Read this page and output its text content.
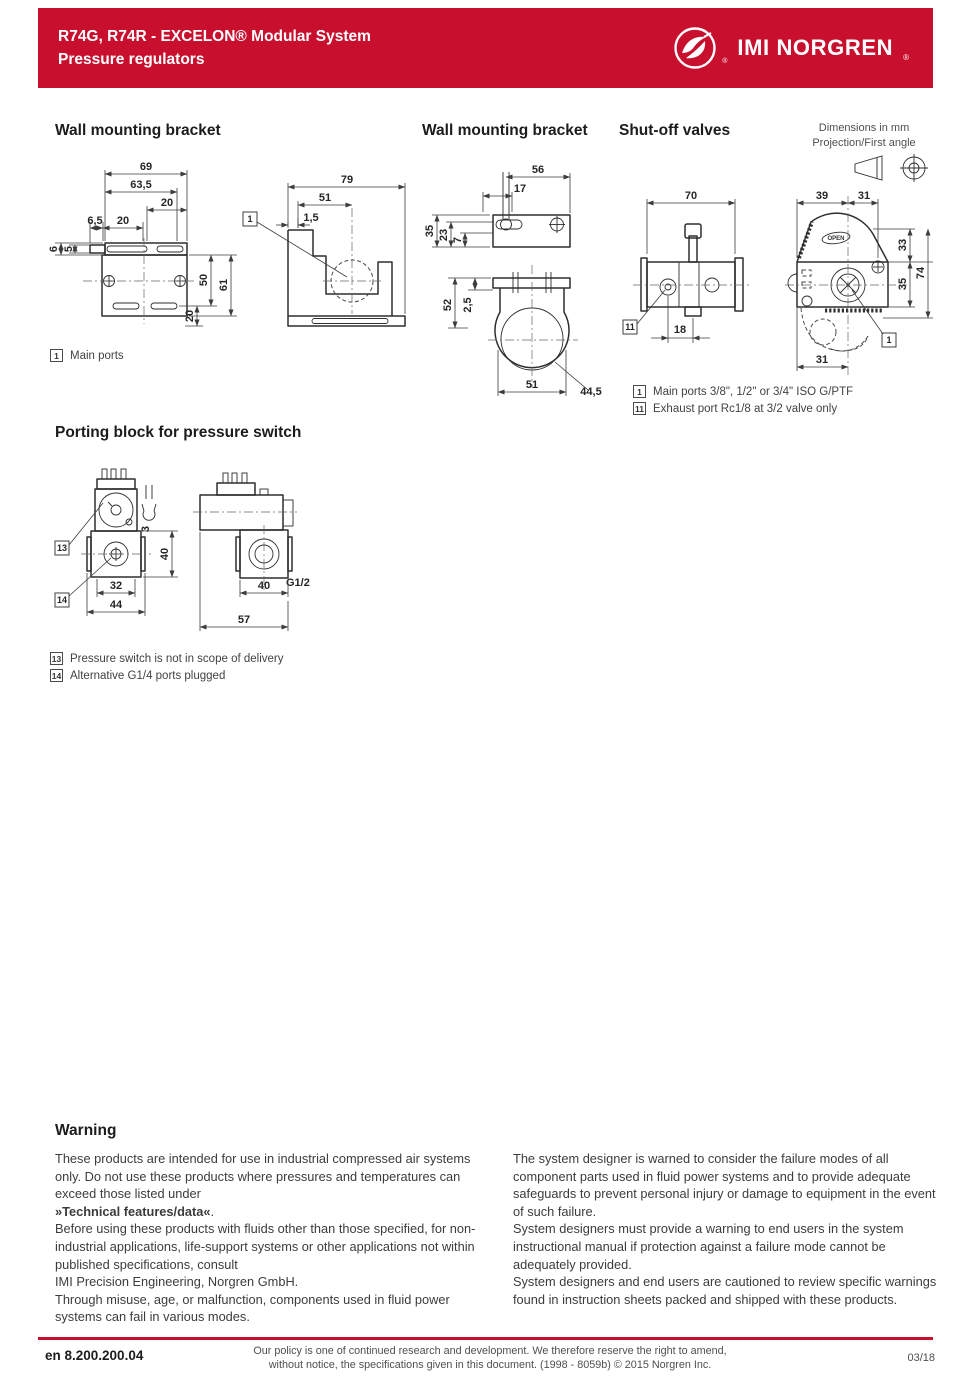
R74G, R74R - EXCELON® Modular System
Pressure regulators	®
IMI NORGREN ®
Wall mounting bracket	Wall mounting bracket Shut-off valves	Dimensions in mm
Projection/First angle
69
63,5
20
6,5 20
6 5
50 61
20
79
51
1,5
1
1 Main ports
56
17
35 23 7
52 2,5
51
44,5
70
11	18
OPEN
39	31
33
35
74
31
1
1 Main ports 3/8", 1/2" or 3/4" ISO G/PTF
11 Exhaust port Rc1/8 at 3/2 valve only
Porting block for pressure switch
3
13
14
40
32
44
G1/2
40
57
13 Pressure switch is not in scope of delivery
14 Alternative G1/4 ports plugged
Warning
These products are intended for use in industrial compressed air systems only. Do not use these products where pressures and temperatures can exceed those listed under
»Technical features/data«.
Before using these products with fluids other than those specified, for non-industrial applications, life-support systems or other applications not within published specifications, consult
IMI Precision Engineering, Norgren GmbH.
Through misuse, age, or malfunction, components used in fluid power systems can fail in various modes.
The system designer is warned to consider the failure modes of all component parts used in fluid power systems and to provide adequate safeguards to prevent personal injury or damage to equipment in the event of such failure.
System designers must provide a warning to end users in the system instructional manual if protection against a failure mode cannot be adequately provided.
System designers and end users are cautioned to review specific warnings found in instruction sheets packed and shipped with these products.
en 8.200.200.04	Our policy is one of continued research and development. We therefore reserve the right to amend,
without notice, the specifications given in this document. (1998 - 8059b) © 2015 Norgren Inc.
03/18
